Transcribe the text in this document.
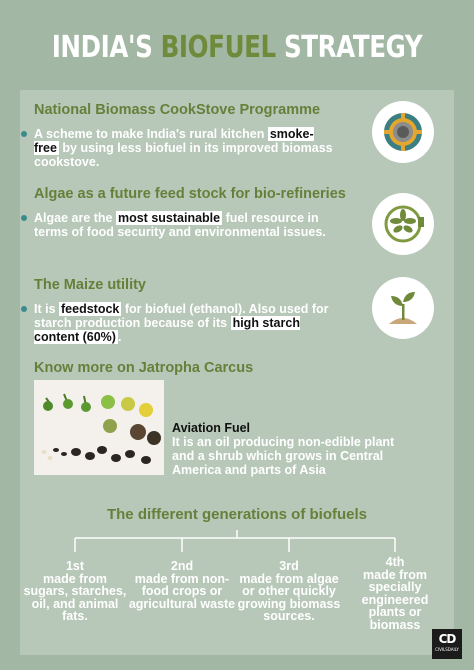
INDIA'S BIOFUEL STRATEGY
National Biomass CookStove Programme
A scheme to make India's rural kitchen smoke-free by using less biofuel in its improved biomass cookstove.
Algae as a future feed stock for bio-refineries
Algae are the most sustainable fuel resource in terms of food security and environmental issues.
The Maize utility
It is feedstock for biofuel (ethanol). Also used for starch production because of its high starch content (60%) .
Know more on Jatropha Carcus
Aviation Fuel
It is an oil producing non-edible plant and a shrub which grows in Central America and parts of Asia
The different generations of biofuels
1st
made from sugars, starches, oil, and animal fats.
2nd
made from non-food crops or agricultural waste
3rd
made from algae or other quickly growing biomass sources.
4th
made from specially engineered plants or biomass
CD
CIVILSDAILY
